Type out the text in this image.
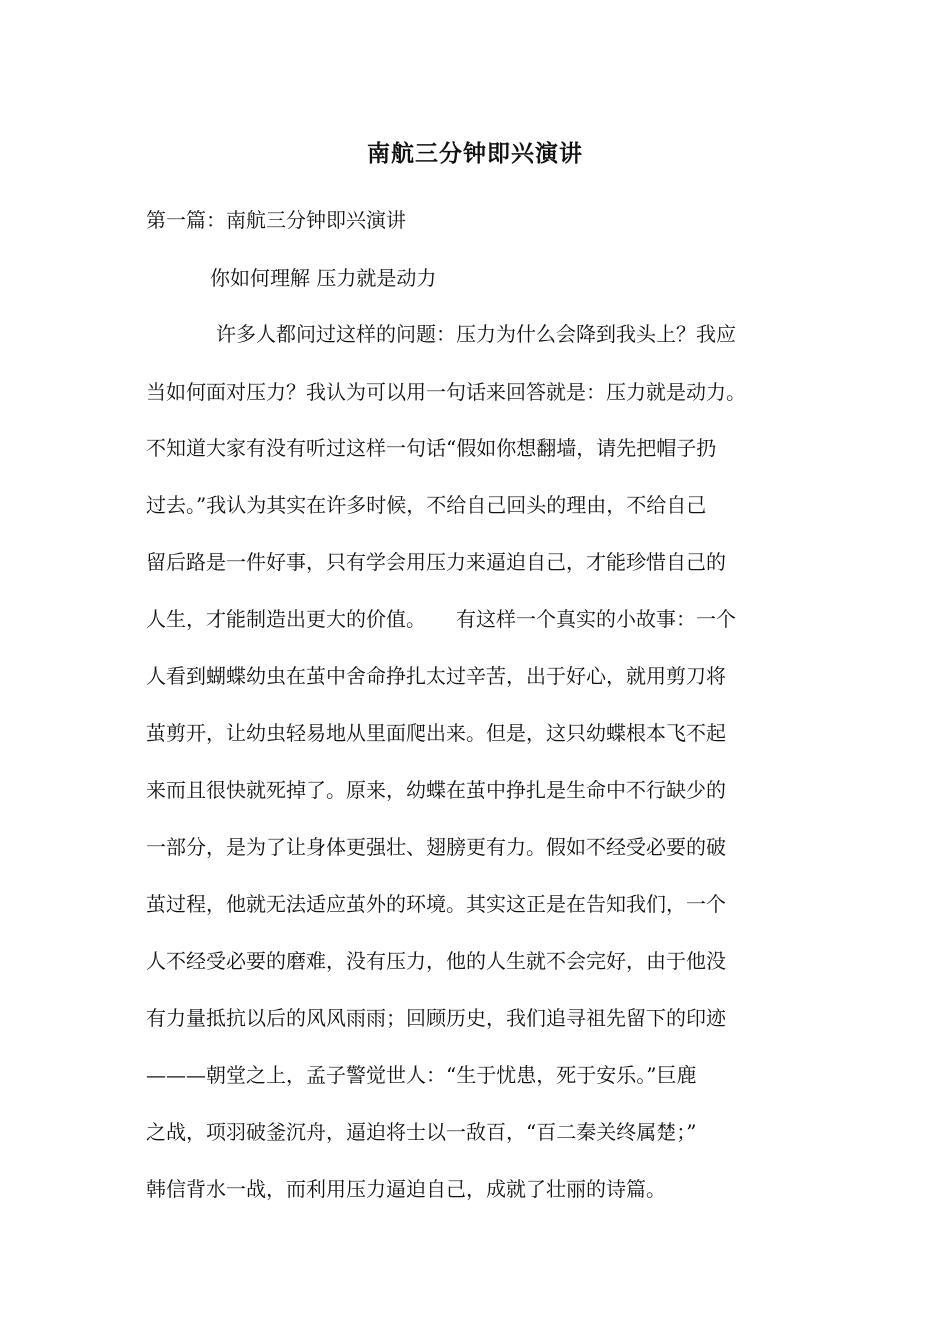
南航三分钟即兴演讲
第一篇：南航三分钟即兴演讲
你如何理解 压力就是动力
许多人都问过这样的问题：压力为什么会降到我头上？我应
当如何面对压力？我认为可以用一句话来回答就是：压力就是动力。
不知道大家有没有听过这样一句话“假如你想翻墙，请先把帽子扔
过去。”我认为其实在许多时候，不给自己回头的理由，不给自己
留后路是一件好事，只有学会用压力来逼迫自己，才能珍惜自己的
人生，才能制造出更大的价值。　　有这样一个真实的小故事：一个
人看到蝴蝶幼虫在茧中舍命挣扎太过辛苦，出于好心，就用剪刀将
茧剪开，让幼虫轻易地从里面爬出来。但是，这只幼蝶根本飞不起
来而且很快就死掉了。原来，幼蝶在茧中挣扎是生命中不行缺少的
一部分，是为了让身体更强壮、翅膀更有力。假如不经受必要的破
茧过程，他就无法适应茧外的环境。其实这正是在告知我们，一个
人不经受必要的磨难，没有压力，他的人生就不会完好，由于他没
有力量抵抗以后的风风雨雨；回顾历史，我们追寻祖先留下的印迹
———朝堂之上，孟子警觉世人：“生于忧患，死于安乐。”巨鹿
之战，项羽破釜沉舟，逼迫将士以一敌百，“百二秦关终属楚；”
韩信背水一战，而利用压力逼迫自己，成就了壮丽的诗篇。
